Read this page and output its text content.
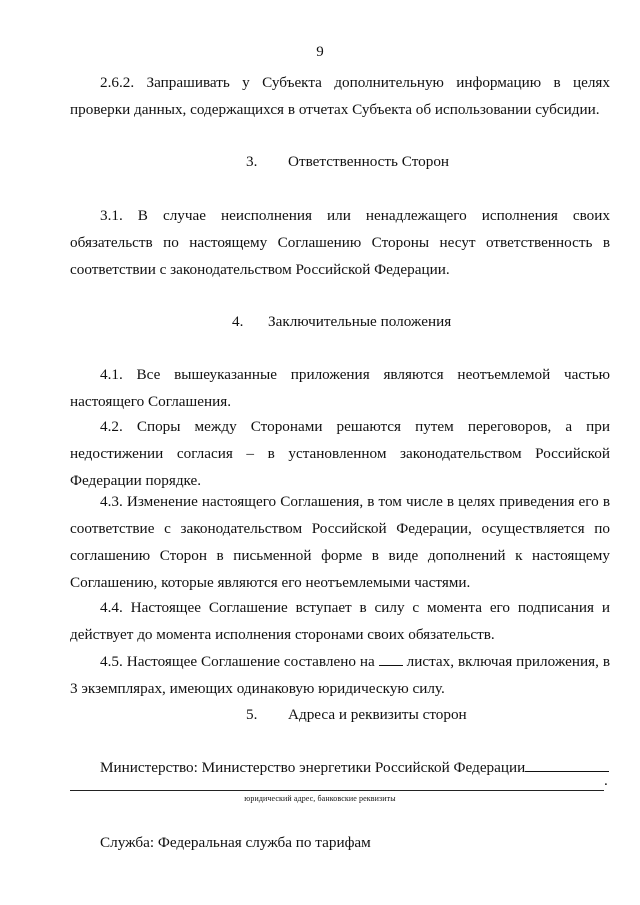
9
2.6.2. Запрашивать у Субъекта дополнительную информацию в целях проверки данных, содержащихся в отчетах Субъекта об использовании субсидии.
3. Ответственность Сторон
3.1. В случае неисполнения или ненадлежащего исполнения своих обязательств по настоящему Соглашению Стороны несут ответственность в соответствии с законодательством Российской Федерации.
4. Заключительные положения
4.1. Все вышеуказанные приложения являются неотъемлемой частью настоящего Соглашения.
4.2. Споры между Сторонами решаются путем переговоров, а при недостижении согласия – в установленном законодательством Российской Федерации порядке.
4.3. Изменение настоящего Соглашения, в том числе в целях приведения его в соответствие с законодательством Российской Федерации, осуществляется по соглашению Сторон в письменной форме в виде дополнений к настоящему Соглашению, которые являются его неотъемлемыми частями.
4.4. Настоящее Соглашение вступает в силу с момента его подписания и действует до момента исполнения сторонами своих обязательств.
4.5. Настоящее Соглашение составлено на листах, включая приложения, в 3 экземплярах, имеющих одинаковую юридическую силу.
5. Адреса и реквизиты сторон
Министерство: Министерство энергетики Российской Федерации
.
юридический адрес, банковские реквизиты
Служба: Федеральная служба по тарифам
